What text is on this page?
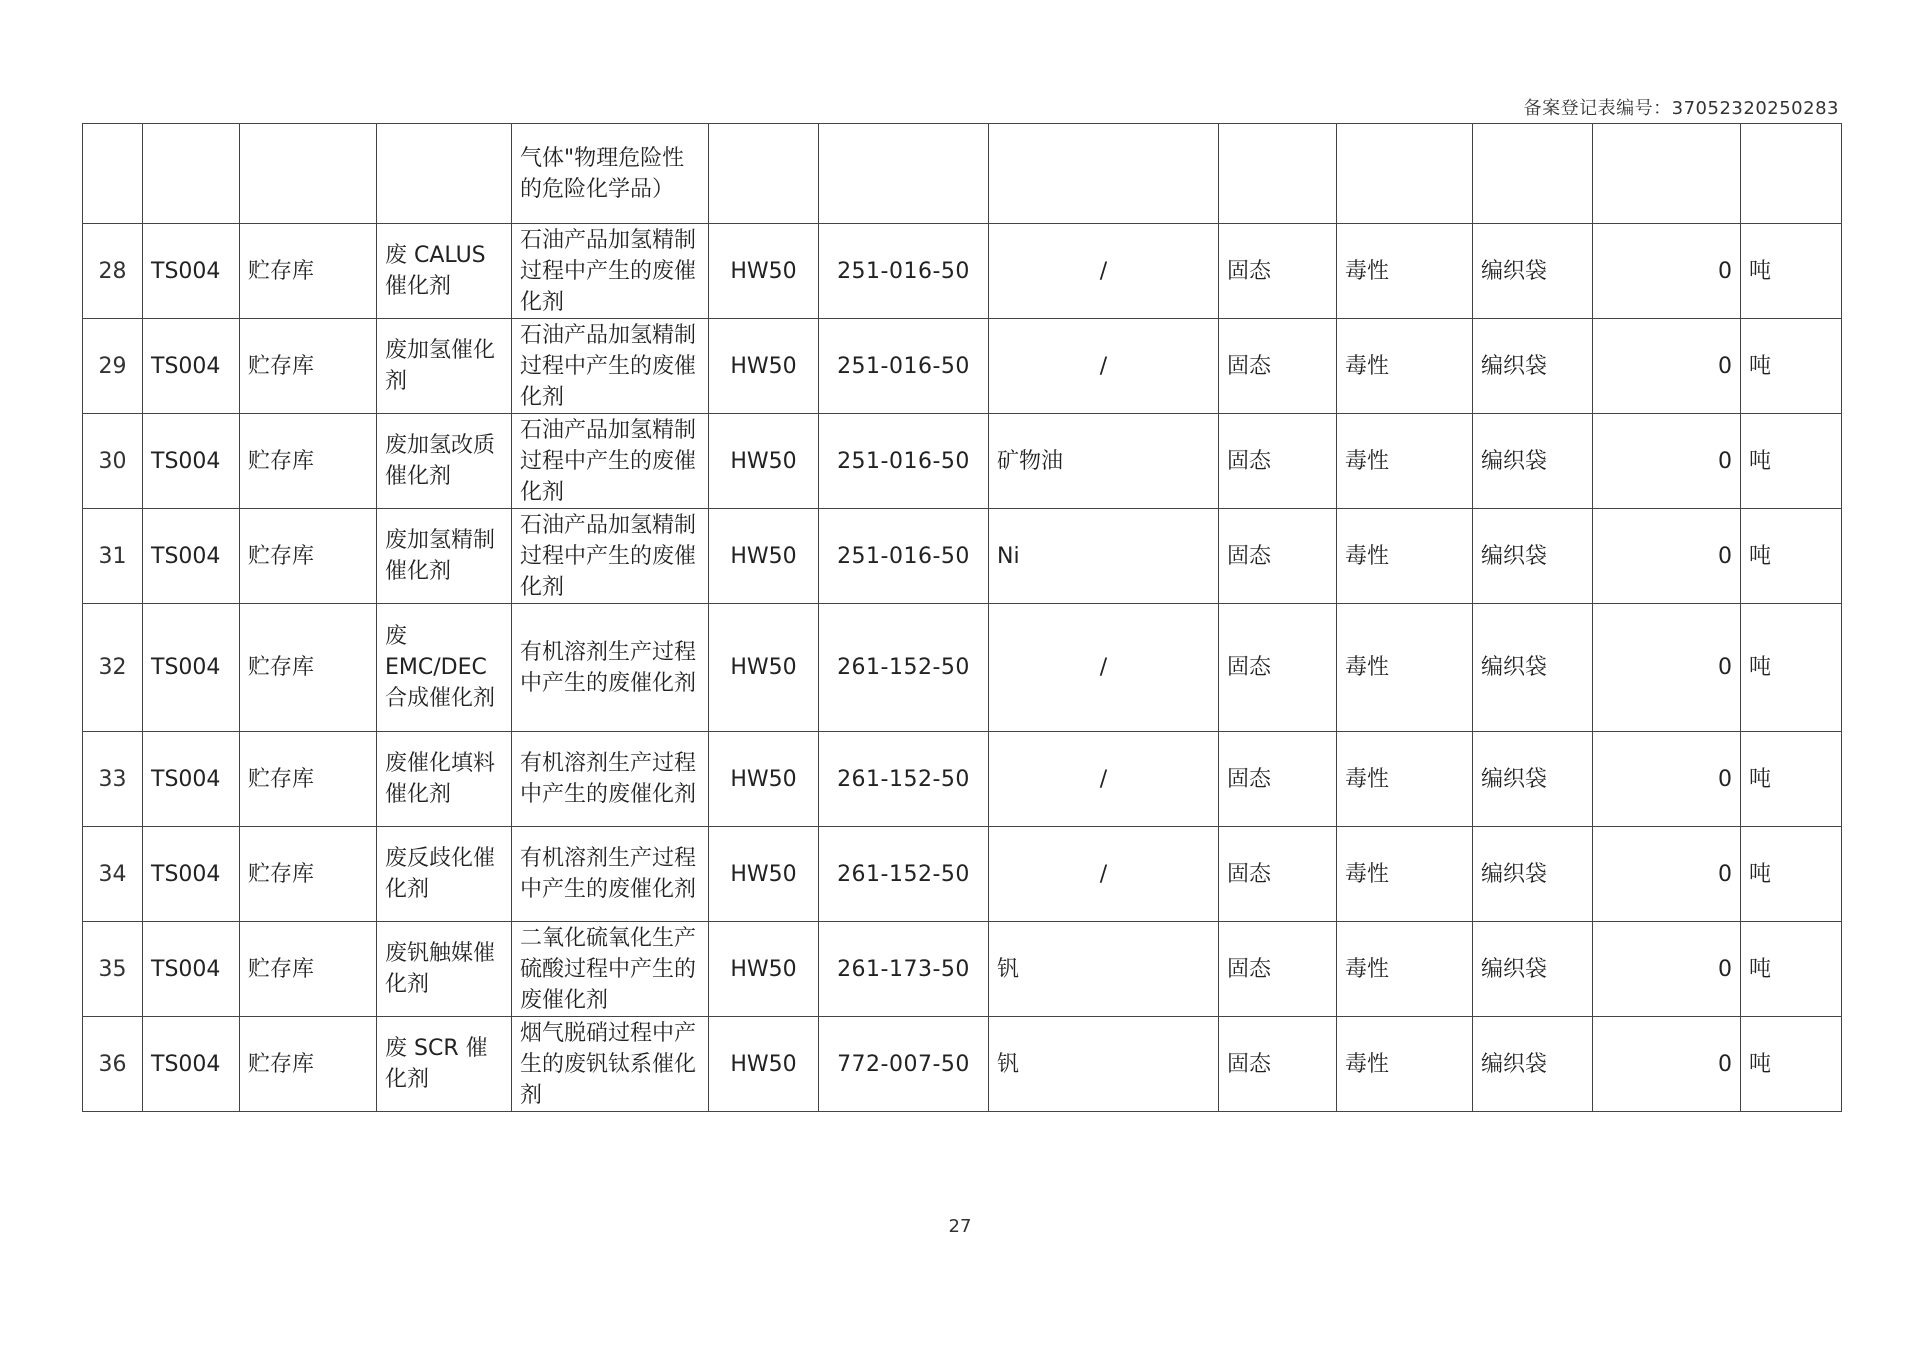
备案登记表编号：37052320250283
				气体"物理危险性的危险化学品）								
28	TS004	贮存库	废 CALUS 催化剂	石油产品加氢精制过程中产生的废催化剂	HW50	251-016-50	/	固态	毒性	编织袋	0	吨
29	TS004	贮存库	废加氢催化剂	石油产品加氢精制过程中产生的废催化剂	HW50	251-016-50	/	固态	毒性	编织袋	0	吨
30	TS004	贮存库	废加氢改质催化剂	石油产品加氢精制过程中产生的废催化剂	HW50	251-016-50	矿物油	固态	毒性	编织袋	0	吨
31	TS004	贮存库	废加氢精制催化剂	石油产品加氢精制过程中产生的废催化剂	HW50	251-016-50	Ni	固态	毒性	编织袋	0	吨
32	TS004	贮存库	废 EMC/DEC 合成催化剂	有机溶剂生产过程中产生的废催化剂	HW50	261-152-50	/	固态	毒性	编织袋	0	吨
33	TS004	贮存库	废催化填料催化剂	有机溶剂生产过程中产生的废催化剂	HW50	261-152-50	/	固态	毒性	编织袋	0	吨
34	TS004	贮存库	废反歧化催化剂	有机溶剂生产过程中产生的废催化剂	HW50	261-152-50	/	固态	毒性	编织袋	0	吨
35	TS004	贮存库	废钒触媒催化剂	二氧化硫氧化生产硫酸过程中产生的废催化剂	HW50	261-173-50	钒	固态	毒性	编织袋	0	吨
36	TS004	贮存库	废 SCR 催化剂	烟气脱硝过程中产生的废钒钛系催化剂	HW50	772-007-50	钒	固态	毒性	编织袋	0	吨
27
